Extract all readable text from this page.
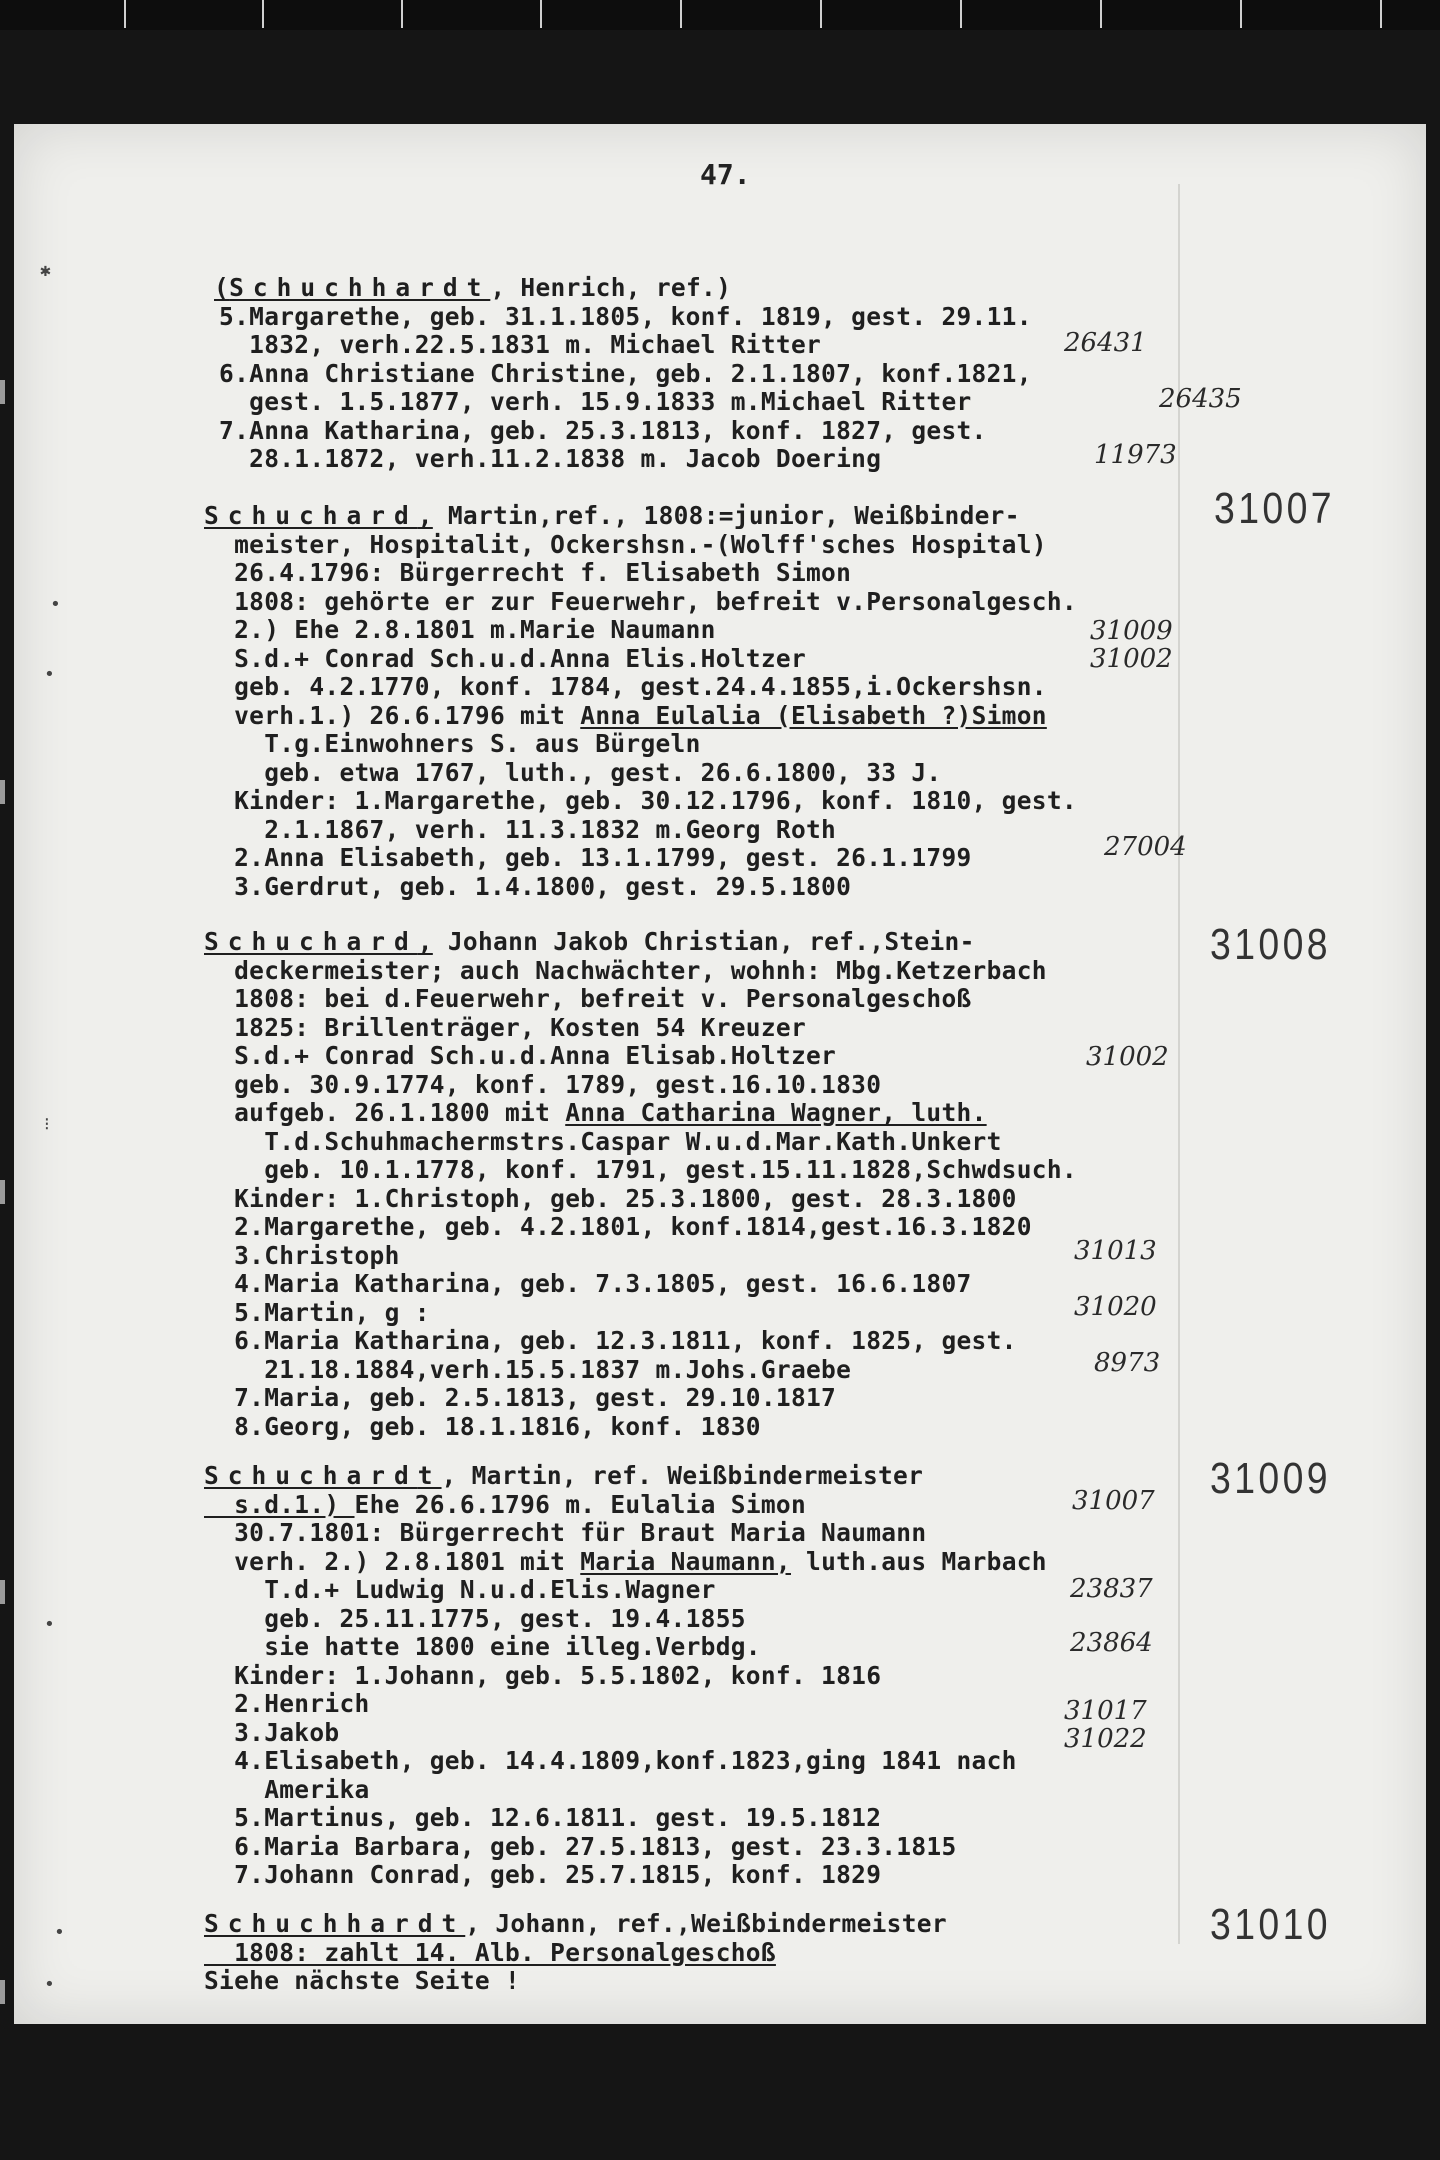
✱
•
•
⁝
•
•
•
47.
(Schuchhardt, Henrich, ref.)
5.Margarethe, geb. 31.1.1805, konf. 1819, gest. 29.11.
1832, verh.22.5.1831 m. Michael Ritter
6.Anna Christiane Christine, geb. 2.1.1807, konf.1821,
gest. 1.5.1877, verh. 15.9.1833 m.Michael Ritter
7.Anna Katharina, geb. 25.3.1813, konf. 1827, gest.
28.1.1872, verh.11.2.1838 m. Jacob Doering
26431
26435
11973
Schuchard, Martin,ref., 1808:=junior, Weißbinder-
meister, Hospitalit, Ockershsn.-(Wolff'sches Hospital)
26.4.1796: Bürgerrecht f. Elisabeth Simon
1808: gehörte er zur Feuerwehr, befreit v.Personalgesch.
2.) Ehe 2.8.1801 m.Marie Naumann
S.d.+ Conrad Sch.u.d.Anna Elis.Holtzer
geb. 4.2.1770, konf. 1784, gest.24.4.1855,i.Ockershsn.
verh.1.) 26.6.1796 mit Anna Eulalia (Elisabeth ?)Simon
T.g.Einwohners S. aus Bürgeln
geb. etwa 1767, luth., gest. 26.6.1800, 33 J.
Kinder: 1.Margarethe, geb. 30.12.1796, konf. 1810, gest.
2.1.1867, verh. 11.3.1832 m.Georg Roth
2.Anna Elisabeth, geb. 13.1.1799, gest. 26.1.1799
3.Gerdrut, geb. 1.4.1800, gest. 29.5.1800
31007
31009
31002
27004
Schuchard, Johann Jakob Christian, ref.,Stein-
deckermeister; auch Nachwächter, wohnh: Mbg.Ketzerbach
1808: bei d.Feuerwehr, befreit v. Personalgeschoß
1825: Brillenträger, Kosten 54 Kreuzer
S.d.+ Conrad Sch.u.d.Anna Elisab.Holtzer
geb. 30.9.1774, konf. 1789, gest.16.10.1830
aufgeb. 26.1.1800 mit Anna Catharina Wagner, luth.
T.d.Schuhmachermstrs.Caspar W.u.d.Mar.Kath.Unkert
geb. 10.1.1778, konf. 1791, gest.15.11.1828,Schwdsuch.
Kinder: 1.Christoph, geb. 25.3.1800, gest. 28.3.1800
2.Margarethe, geb. 4.2.1801, konf.1814,gest.16.3.1820
3.Christoph
4.Maria Katharina, geb. 7.3.1805, gest. 16.6.1807
5.Martin, g :
6.Maria Katharina, geb. 12.3.1811, konf. 1825, gest.
21.18.1884,verh.15.5.1837 m.Johs.Graebe
7.Maria, geb. 2.5.1813, gest. 29.10.1817
8.Georg, geb. 18.1.1816, konf. 1830
31008
31002
31013
31020
8973
Schuchardt, Martin, ref. Weißbindermeister
s.d.1.) Ehe 26.6.1796 m. Eulalia Simon
30.7.1801: Bürgerrecht für Braut Maria Naumann
verh. 2.) 2.8.1801 mit Maria Naumann, luth.aus Marbach
T.d.+ Ludwig N.u.d.Elis.Wagner
geb. 25.11.1775, gest. 19.4.1855
sie hatte 1800 eine illeg.Verbdg.
Kinder: 1.Johann, geb. 5.5.1802, konf. 1816
2.Henrich
3.Jakob
4.Elisabeth, geb. 14.4.1809,konf.1823,ging 1841 nach
Amerika
5.Martinus, geb. 12.6.1811. gest. 19.5.1812
6.Maria Barbara, geb. 27.5.1813, gest. 23.3.1815
7.Johann Conrad, geb. 25.7.1815, konf. 1829
31009
31007
23837
23864
31017
31022
Schuchhardt, Johann, ref.,Weißbindermeister
1808: zahlt 14. Alb. Personalgeschoß
Siehe nächste Seite !
31010
